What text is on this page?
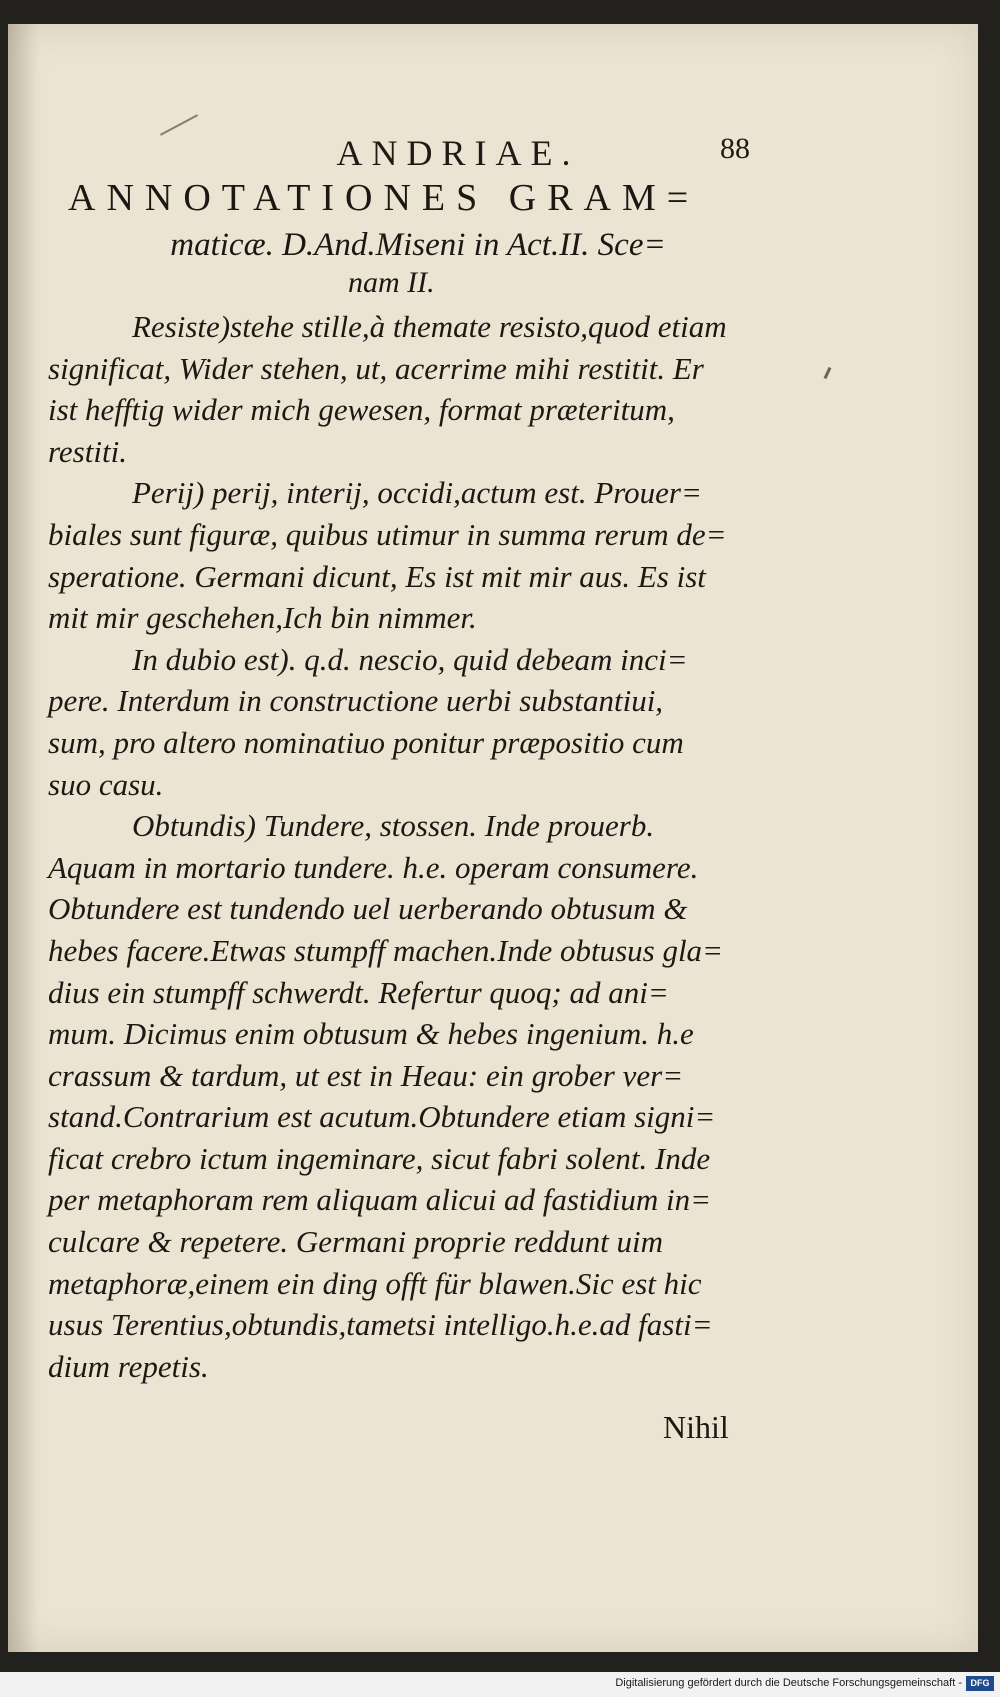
ANDRIAE.	88
ANNOTATIONES GRAM=
maticæ. D.And.Miseni in Act.II. Sce=
nam II.
Resiste)stehe stille,à themate resisto,quod etiam
significat, Wider stehen, ut, acerrime mihi restitit. Er
ist hefftig wider mich gewesen, format præteritum,
restiti.
Perij) perij, interij, occidi,actum est. Prouer=
biales sunt figuræ, quibus utimur in summa rerum de=
speratione. Germani dicunt, Es ist mit mir aus. Es ist
mit mir geschehen,Ich bin nimmer.
In dubio est). q.d. nescio, quid debeam inci=
pere. Interdum in constructione uerbi substantiui,
sum, pro altero nominatiuo ponitur præpositio cum
suo casu.
Obtundis) Tundere, stossen. Inde prouerb.
Aquam in mortario tundere. h.e. operam consumere.
Obtundere est tundendo uel uerberando obtusum &
hebes facere.Etwas stumpff machen.Inde obtusus gla=
dius ein stumpff schwerdt. Refertur quoq; ad ani=
mum. Dicimus enim obtusum & hebes ingenium. h.e
crassum & tardum, ut est in Heau: ein grober ver=
stand.Contrarium est acutum.Obtundere etiam signi=
ficat crebro ictum ingeminare, sicut fabri solent. Inde
per metaphoram rem aliquam alicui ad fastidium in=
culcare & repetere. Germani proprie reddunt uim
metaphoræ,einem ein ding offt für blawen.Sic est hic
usus Terentius,obtundis,tametsi intelligo.h.e.ad fasti=
dium repetis.
Nihil
Digitalisierung gefördert durch die Deutsche Forschungsgemeinschaft - DFG
